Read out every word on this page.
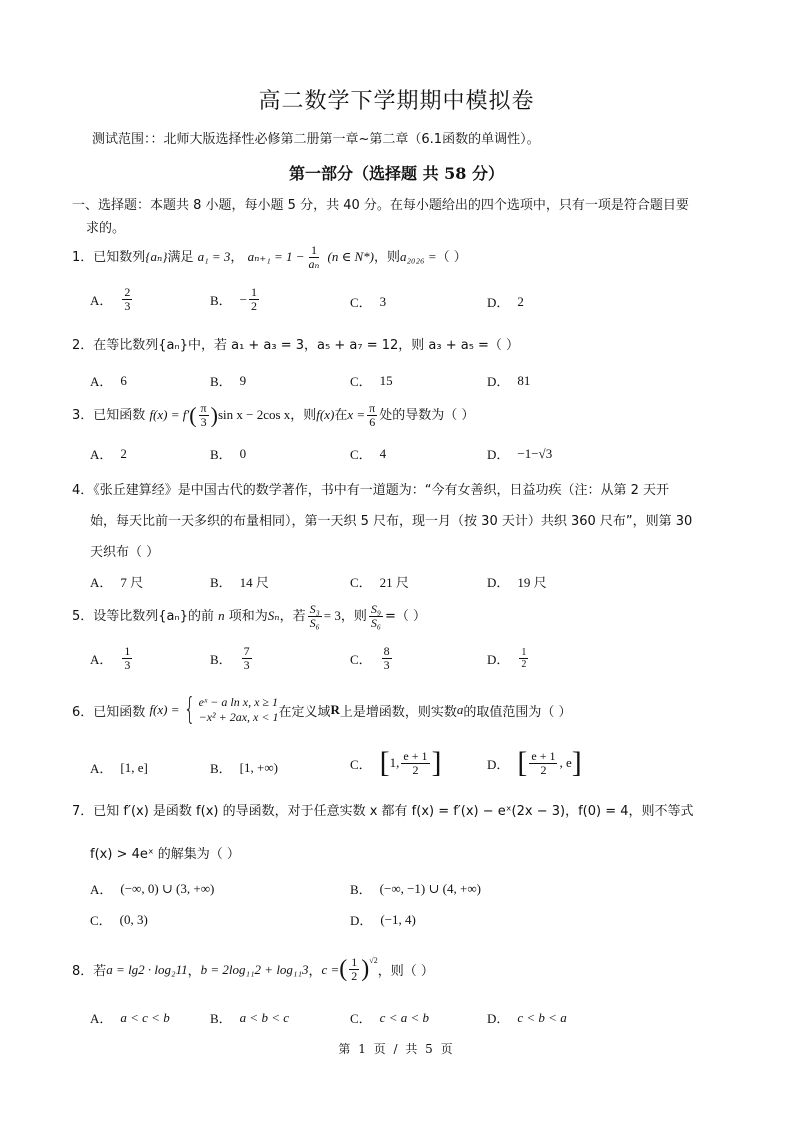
高二数学下学期期中模拟卷
测试范围：：北师大版选择性必修第二册第一章~第二章（6.1函数的单调性）。
第一部分（选择题 共 58 分）
一、选择题：本题共 8 小题，每小题 5 分，共 40 分。在每小题给出的四个选项中，只有一项是符合题目要
求的。
1．已知数列{aₙ}满足 a₁ = 3， $a_{n+1} = 1 - \frac{1}{\text{aₙ}} (n$ ∈ N*)，则a₂₀₂₆ =（ ）
A． $\frac{2}{3}$	B． − $\frac{1}{2}$	C． 3	D． 2
2．在等比数列{aₙ}中，若 a₁ + a₃ = 3，a₅ + a₇ = 12，则 a₃ + a₅ =（ ）
A． 6	B． 9	C． 15	D． 81
3．已知函数 $f(x) = f'( \frac{\pi}{3} )\sin$ x − 2cos x，则f(x)在$x = \frac{\pi}{6}$ 处的导数为（ ）
A． 2	B． 0	C． 4	D． −1−√3
4．《张丘建算经》是中国古代的数学著作，书中有一道题为：“今有女善织，日益功疾（注：从第 2 天开
始，每天比前一天多织的布量相同），第一天织 5 尺布，现一月（按 30 天计）共织 360 尺布”，则第 30
天织布（ ）
A． 7 尺	B． 14 尺	C． 21 尺	D． 19 尺
5．设等比数列{aₙ}的前 n 项和为Sₙ，若 $\frac{\text{S₃}}{\text{S₆}} = 3$，则 $\frac{\text{S₉}}{\text{S₆}}$ =（ ）
A． $\frac{1}{3}$	B． $\frac{7}{3}$	C． $\frac{8}{3}$	D． $\frac{1}{2}$
6． 已知函数
f(x) = { eˣ − a ln x, x ≥ 1
−x² + 2ax, x < 1 在定义域 R 上是增函数，则实数 a 的取值范围为（ ）
A． [1, e]	B． [1, +∞)	C． [ 1, $\frac{e + 1}{2}$ ]	D． [ $\frac{e + 1}{2}$ , e ]
7．已知 f′(x) 是函数 f(x) 的导函数，对于任意实数 x 都有 f(x) = f′(x) − eˣ(2x − 3)，f(0) = 4，则不等式
f(x) > 4eˣ 的解集为（ ）
A． (−∞, 0) ∪ (3, +∞)	B． (−∞, −1) ∪ (4, +∞)
C． (0, 3)	D． (−1, 4)
8． 若 a = lg2 · log₂11 ， b = 2log₁₁2 + log₁₁3 ， c = ( $\frac{1}{2} )^{√2}$
，则（ ）
A． a < c < b	B． a < b < c	C． c < a < b	D． c < b < a
第 1 页 / 共 5 页
